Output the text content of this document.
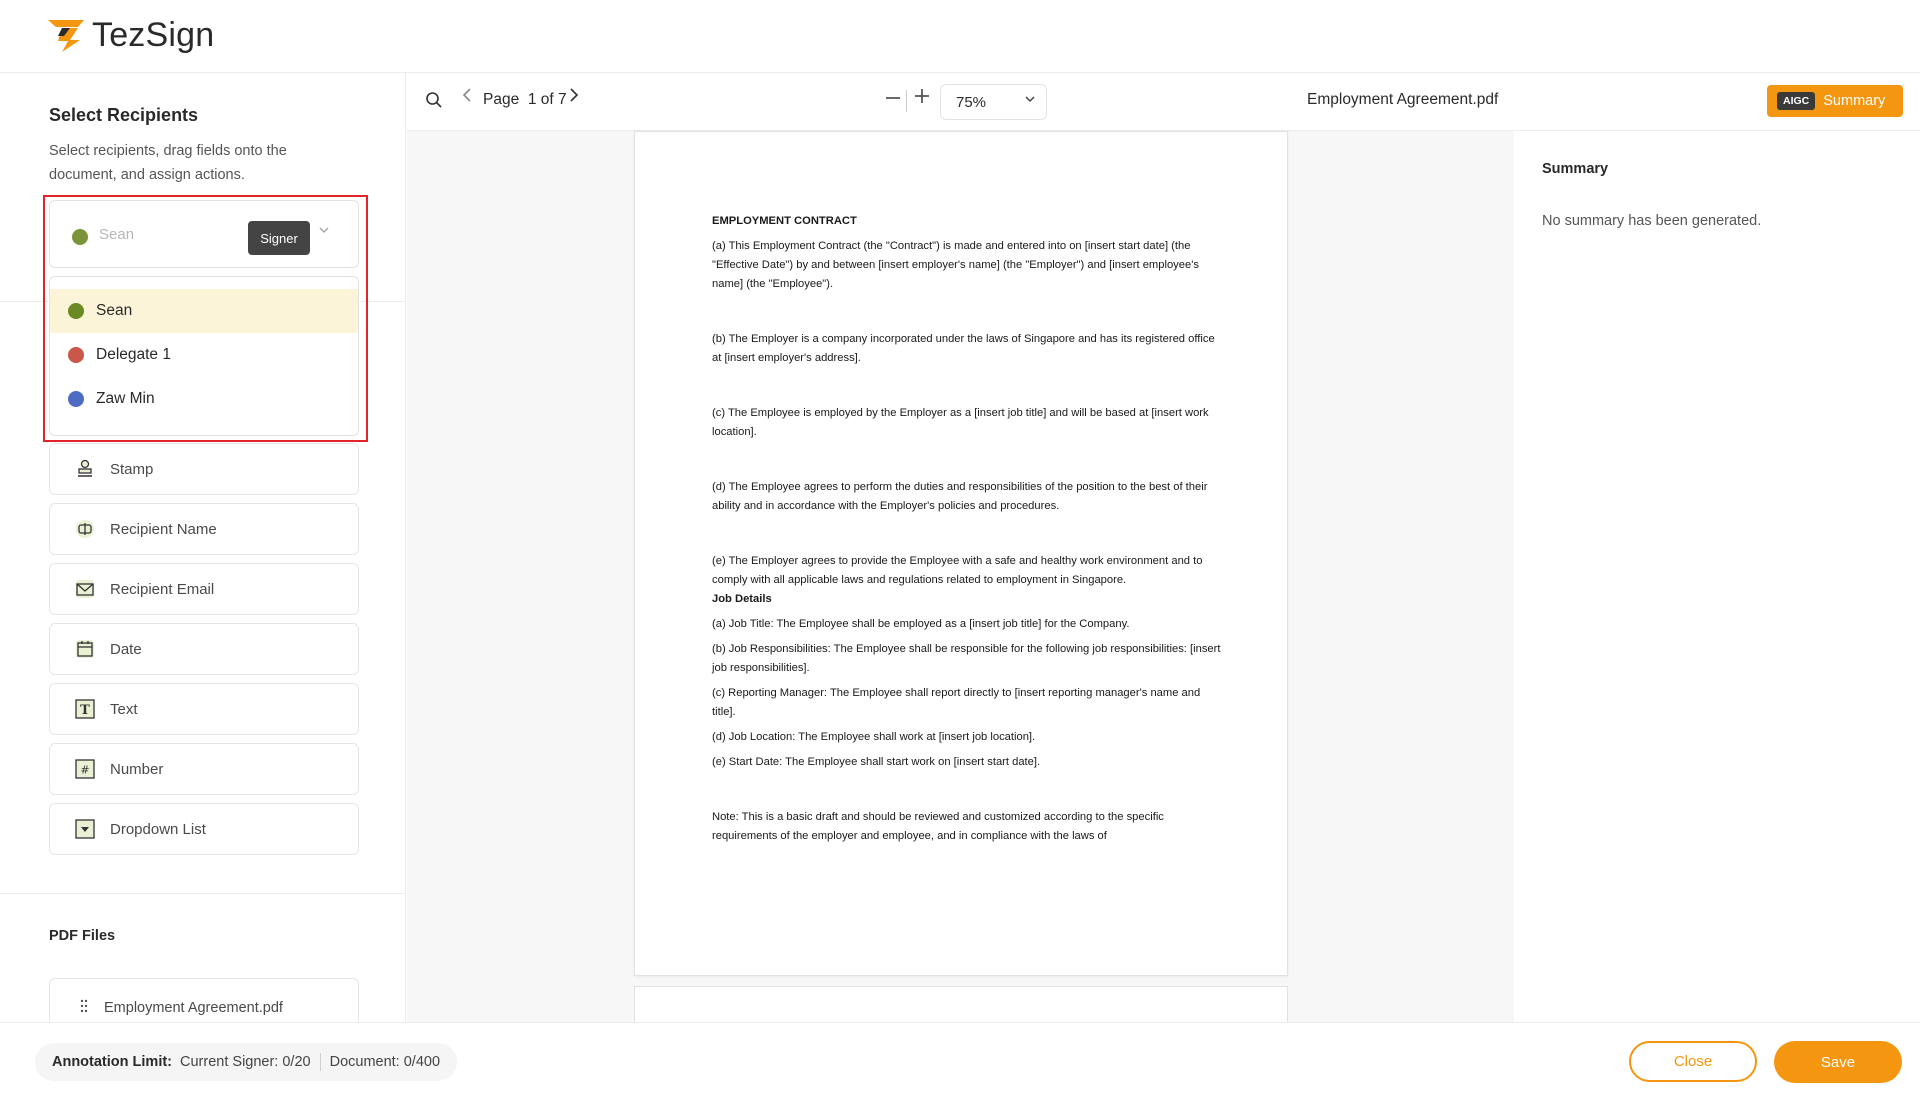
TezSign
Select Recipients
Select recipients, drag fields onto the document, and assign actions.
Sean	Signer
Sean
Delegate 1
Zaw Min
Stamp
Recipient Name
Recipient Email
Date
T Text
# Number
Dropdown List
PDF Files
Employment Agreement.pdf
Page 1 of 7	75%	Employment Agreement.pdf
EMPLOYMENT CONTRACT

(a) This Employment Contract (the "Contract") is made and entered into on [insert start date] (the "Effective Date") by and between [insert employer's name] (the "Employer") and [insert employee's name] (the "Employee").

(b) The Employer is a company incorporated under the laws of Singapore and has its registered office at [insert employer's address].

(c) The Employee is employed by the Employer as a [insert job title] and will be based at [insert work location].

(d) The Employee agrees to perform the duties and responsibilities of the position to the best of their ability and in accordance with the Employer's policies and procedures.

(e) The Employer agrees to provide the Employee with a safe and healthy work environment and to comply with all applicable laws and regulations related to employment in Singapore.

Job Details

(a) Job Title: The Employee shall be employed as a [insert job title] for the Company.

(b) Job Responsibilities: The Employee shall be responsible for the following job responsibilities: [insert job responsibilities].

(c) Reporting Manager: The Employee shall report directly to [insert reporting manager's name and title].

(d) Job Location: The Employee shall work at [insert job location].

(e) Start Date: The Employee shall start work on [insert start date].

Note: This is a basic draft and should be reviewed and customized according to the specific requirements of the employer and employee, and in compliance with the laws of

AIGC Summary
Summary
No summary has been generated.
Annotation Limit: Current Signer: 0/20 Document: 0/400	Close	Save
